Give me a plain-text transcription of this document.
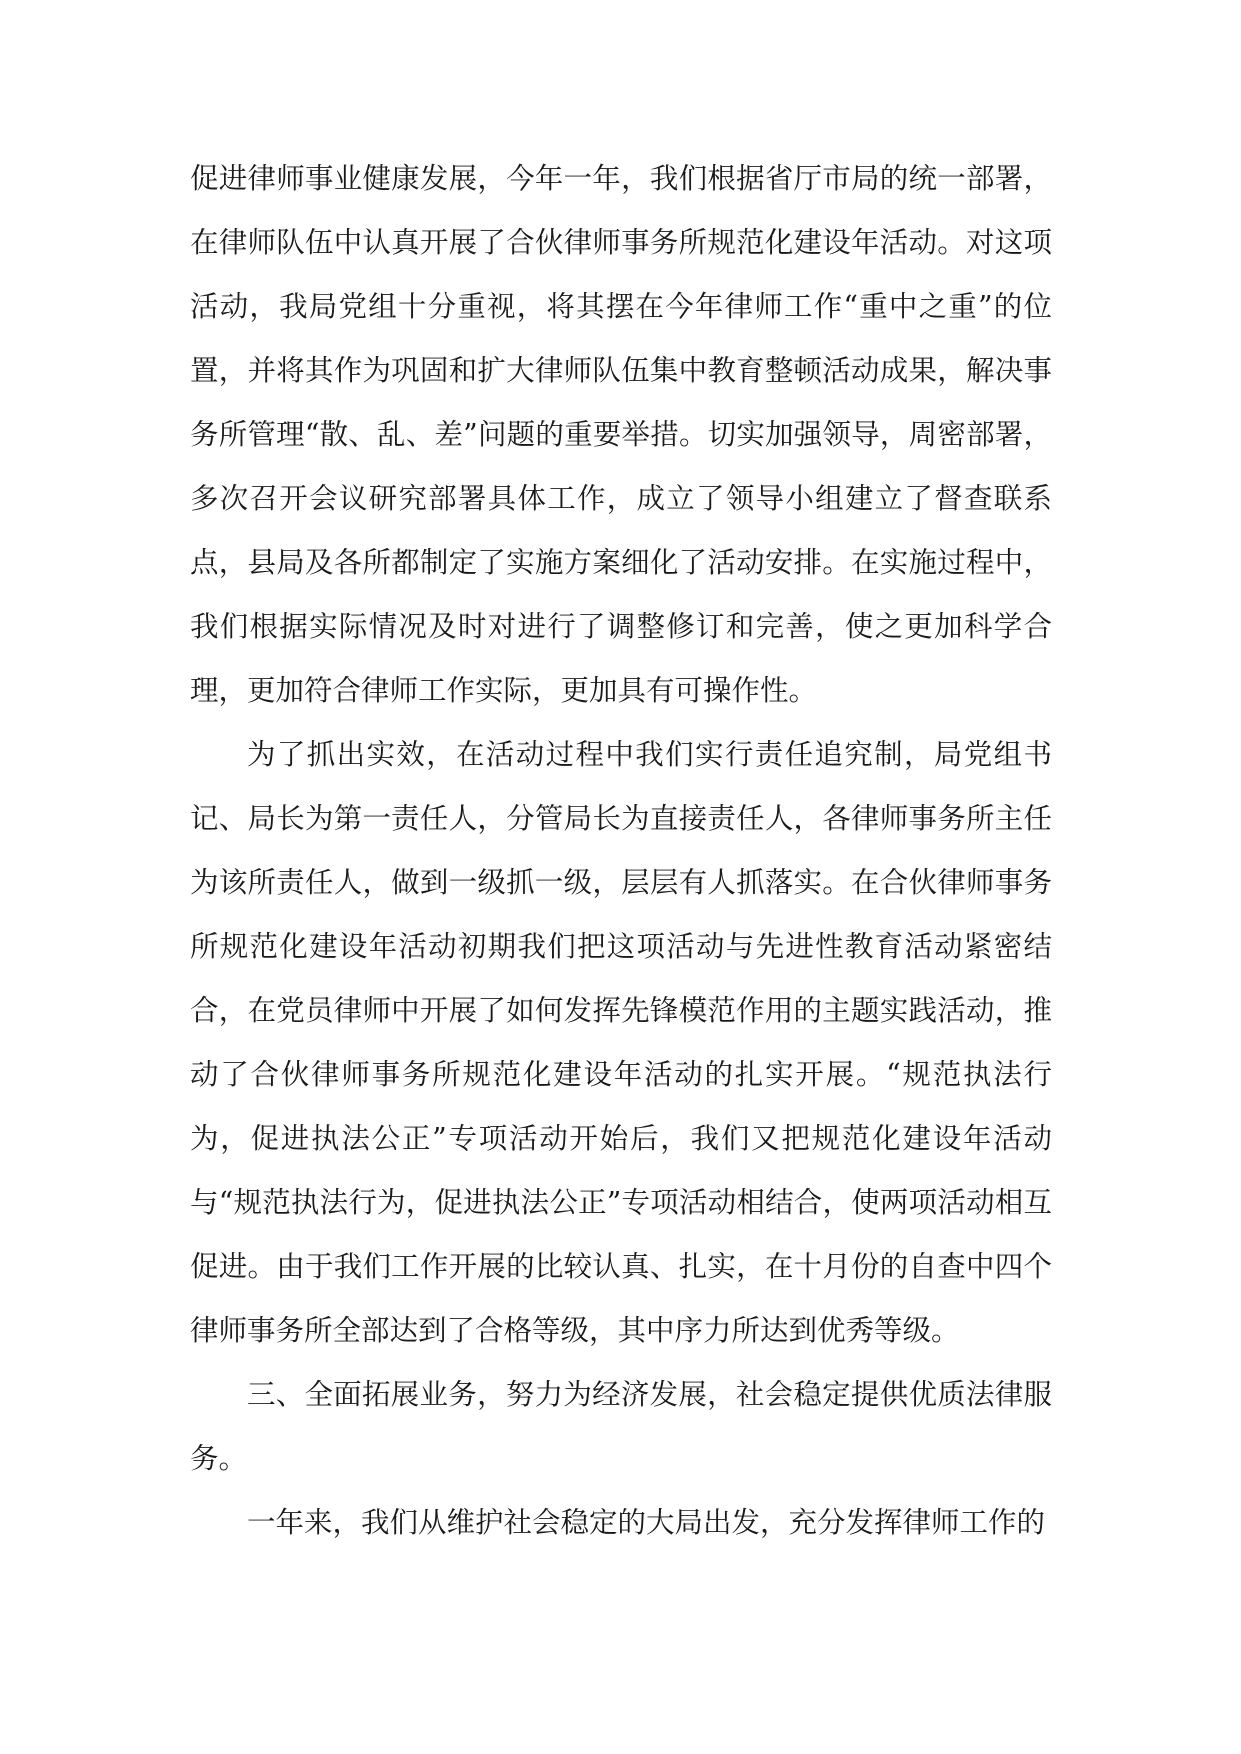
促进律师事业健康发展，今年一年，我们根据省厅市局的统一部署，在律师队伍中认真开展了合伙律师事务所规范化建设年活动。对这项活动，我局党组十分重视，将其摆在今年律师工作“重中之重”的位置，并将其作为巩固和扩大律师队伍集中教育整顿活动成果，解决事务所管理“散、乱、差”问题的重要举措。切实加强领导，周密部署，多次召开会议研究部署具体工作，成立了领导小组建立了督查联系点，县局及各所都制定了实施方案细化了活动安排。在实施过程中，我们根据实际情况及时对进行了调整修订和完善，使之更加科学合理，更加符合律师工作实际，更加具有可操作性。

为了抓出实效，在活动过程中我们实行责任追究制，局党组书记、局长为第一责任人，分管局长为直接责任人，各律师事务所主任为该所责任人，做到一级抓一级，层层有人抓落实。在合伙律师事务所规范化建设年活动初期我们把这项活动与先进性教育活动紧密结合，在党员律师中开展了如何发挥先锋模范作用的主题实践活动，推动了合伙律师事务所规范化建设年活动的扎实开展。“规范执法行为，促进执法公正”专项活动开始后，我们又把规范化建设年活动与“规范执法行为，促进执法公正”专项活动相结合，使两项活动相互促进。由于我们工作开展的比较认真、扎实，在十月份的自查中四个律师事务所全部达到了合格等级，其中序力所达到优秀等级。

三、全面拓展业务，努力为经济发展，社会稳定提供优质法律服务。

一年来，我们从维护社会稳定的大局出发，充分发挥律师工作的
